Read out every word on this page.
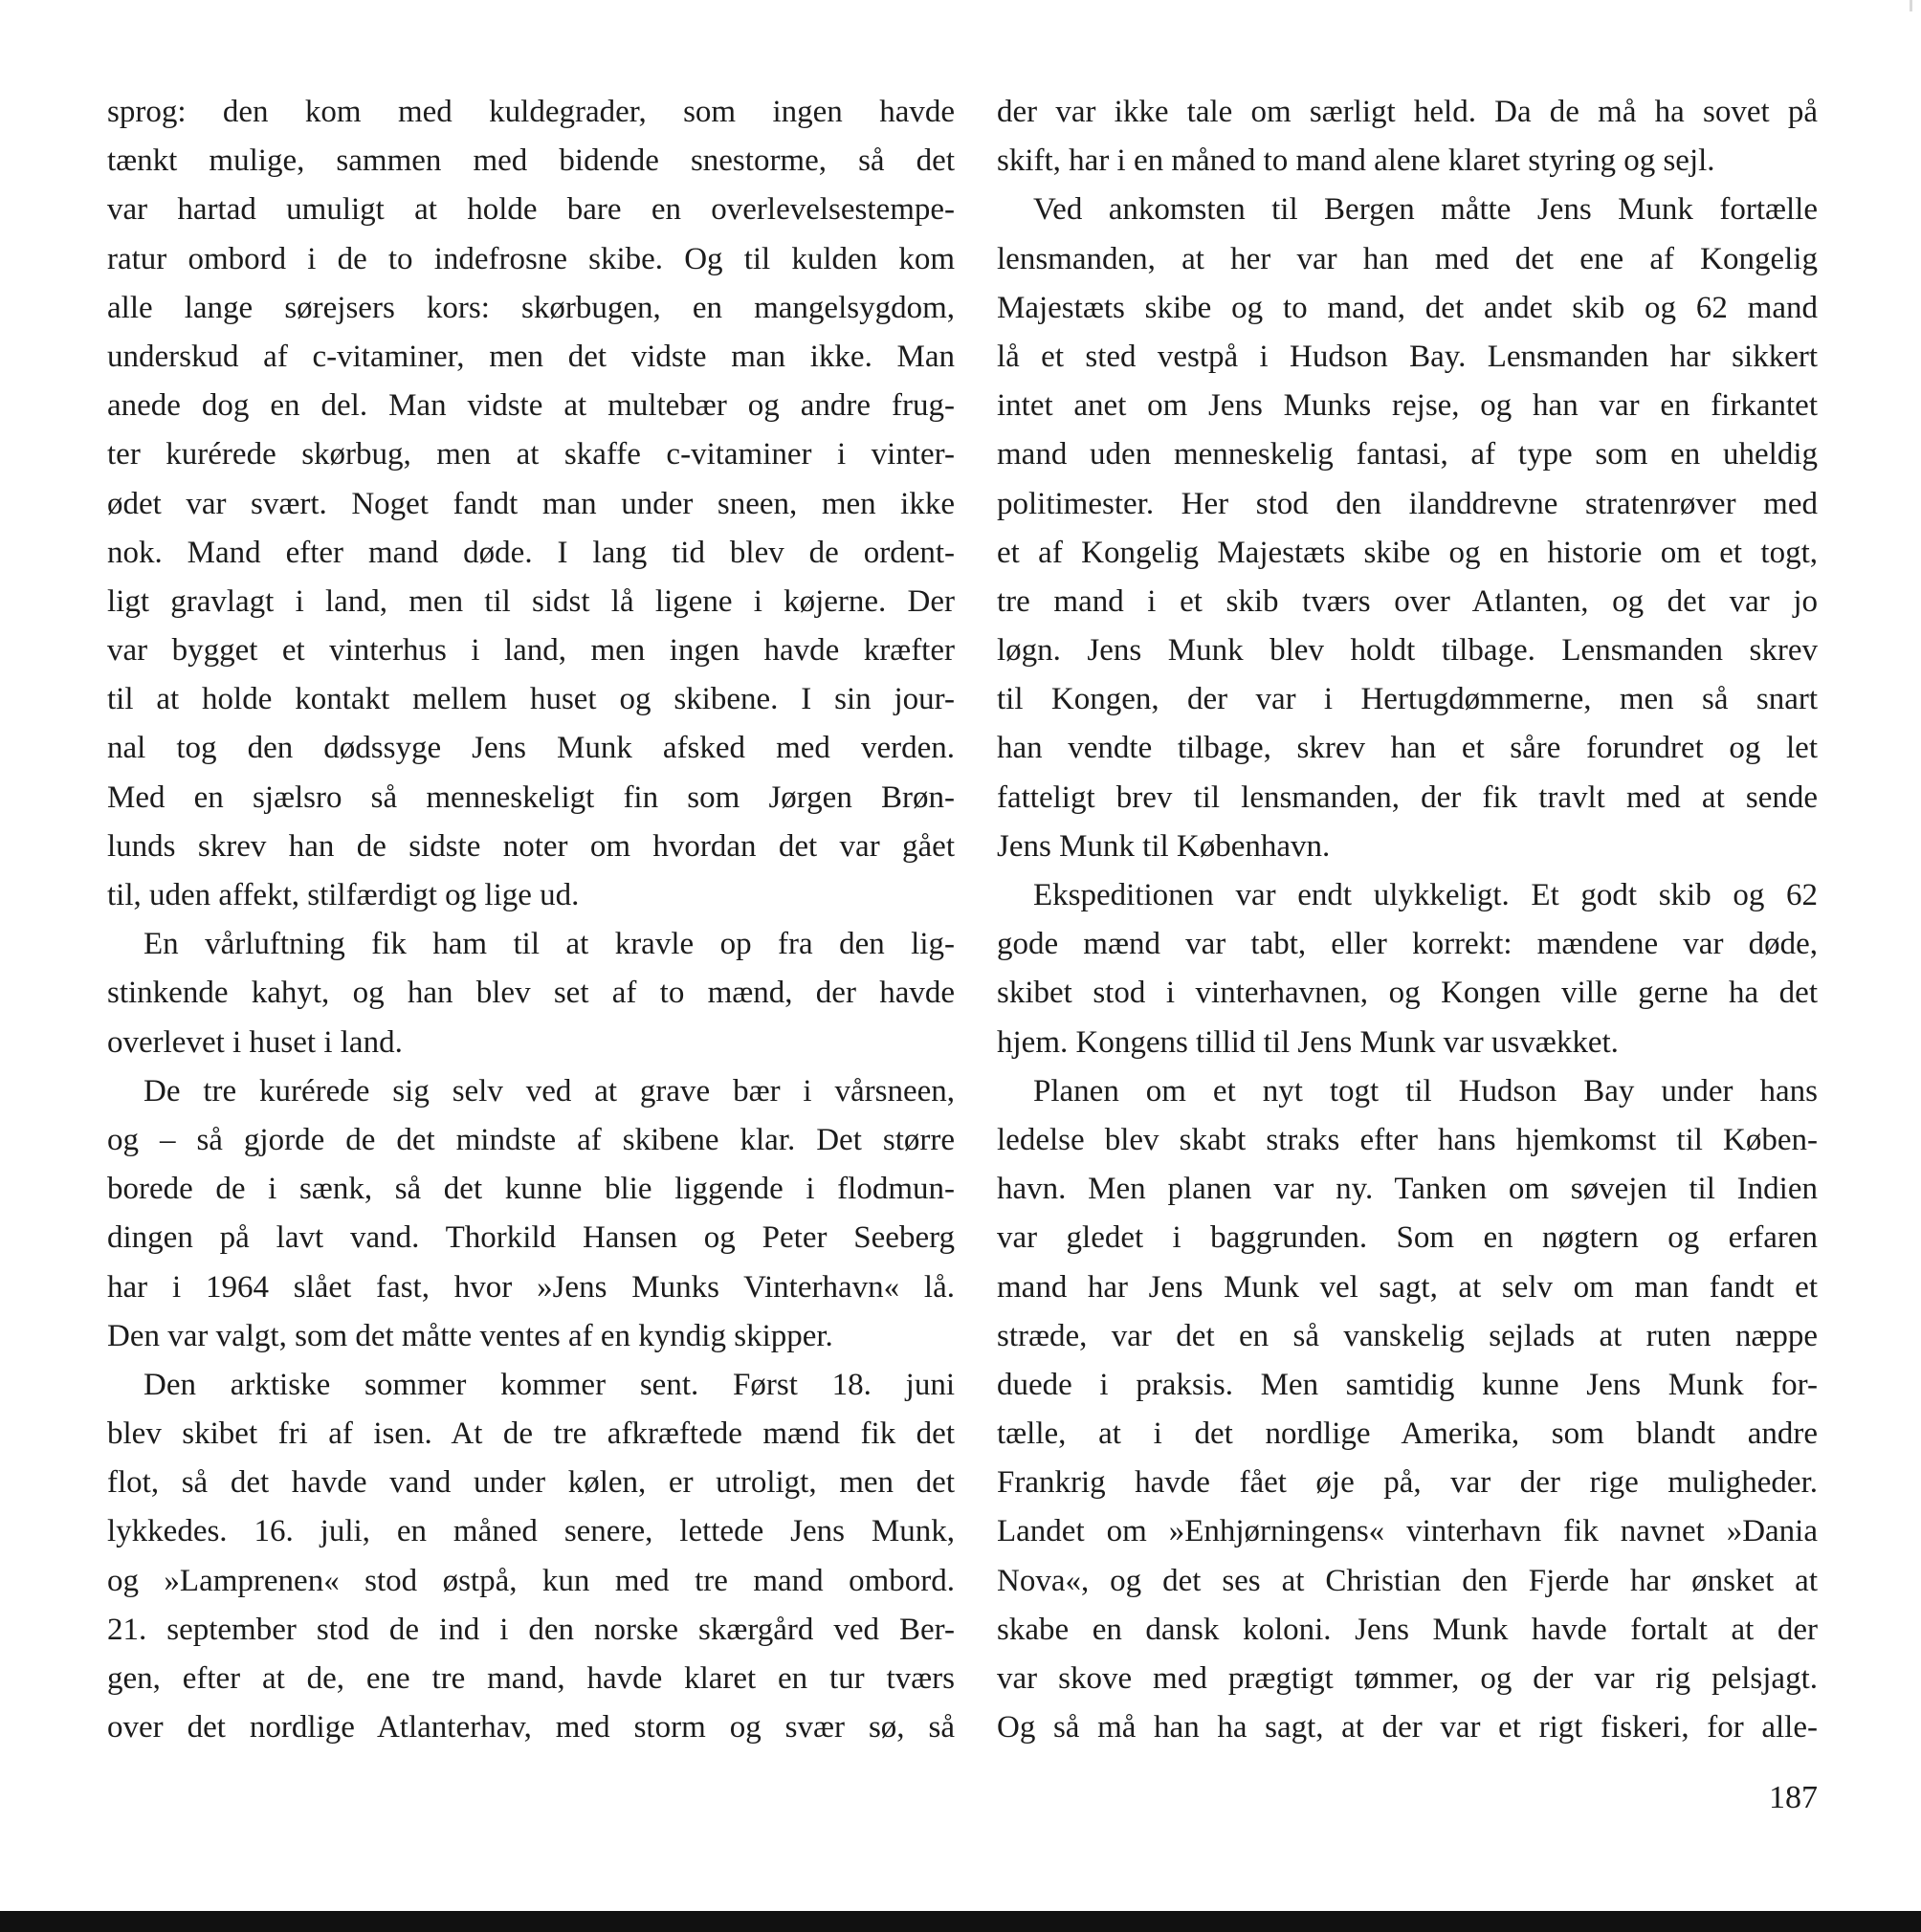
sprog: den kom med kuldegrader, som ingen havde
tænkt mulige, sammen med bidende snestorme, så det
var hartad umuligt at holde bare en overlevelsestempe-
ratur ombord i de to indefrosne skibe. Og til kulden kom
alle lange sørejsers kors: skørbugen, en mangelsygdom,
underskud af c-vitaminer, men det vidste man ikke. Man
anede dog en del. Man vidste at multebær og andre frug-
ter kurérede skørbug, men at skaffe c-vitaminer i vinter-
ødet var svært. Noget fandt man under sneen, men ikke
nok. Mand efter mand døde. I lang tid blev de ordent-
ligt gravlagt i land, men til sidst lå ligene i køjerne. Der
var bygget et vinterhus i land, men ingen havde kræfter
til at holde kontakt mellem huset og skibene. I sin jour-
nal tog den dødssyge Jens Munk afsked med verden.
Med en sjælsro så menneskeligt fin som Jørgen Brøn-
lunds skrev han de sidste noter om hvordan det var gået
til, uden affekt, stilfærdigt og lige ud.
En vårluftning fik ham til at kravle op fra den lig-
stinkende kahyt, og han blev set af to mænd, der havde
overlevet i huset i land.
De tre kurérede sig selv ved at grave bær i vårsneen,
og – så gjorde de det mindste af skibene klar. Det større
borede de i sænk, så det kunne blie liggende i flodmun-
dingen på lavt vand. Thorkild Hansen og Peter Seeberg
har i 1964 slået fast, hvor »Jens Munks Vinterhavn« lå.
Den var valgt, som det måtte ventes af en kyndig skipper.
Den arktiske sommer kommer sent. Først 18. juni
blev skibet fri af isen. At de tre afkræftede mænd fik det
flot, så det havde vand under kølen, er utroligt, men det
lykkedes. 16. juli, en måned senere, lettede Jens Munk,
og »Lamprenen« stod østpå, kun med tre mand ombord.
21. september stod de ind i den norske skærgård ved Ber-
gen, efter at de, ene tre mand, havde klaret en tur tværs
over det nordlige Atlanterhav, med storm og svær sø, så
der var ikke tale om særligt held. Da de må ha sovet på
skift, har i en måned to mand alene klaret styring og sejl.
Ved ankomsten til Bergen måtte Jens Munk fortælle
lensmanden, at her var han med det ene af Kongelig
Majestæts skibe og to mand, det andet skib og 62 mand
lå et sted vestpå i Hudson Bay. Lensmanden har sikkert
intet anet om Jens Munks rejse, og han var en firkantet
mand uden menneskelig fantasi, af type som en uheldig
politimester. Her stod den ilanddrevne stratenrøver med
et af Kongelig Majestæts skibe og en historie om et togt,
tre mand i et skib tværs over Atlanten, og det var jo
løgn. Jens Munk blev holdt tilbage. Lensmanden skrev
til Kongen, der var i Hertugdømmerne, men så snart
han vendte tilbage, skrev han et såre forundret og let
fatteligt brev til lensmanden, der fik travlt med at sende
Jens Munk til København.
Ekspeditionen var endt ulykkeligt. Et godt skib og 62
gode mænd var tabt, eller korrekt: mændene var døde,
skibet stod i vinterhavnen, og Kongen ville gerne ha det
hjem. Kongens tillid til Jens Munk var usvækket.
Planen om et nyt togt til Hudson Bay under hans
ledelse blev skabt straks efter hans hjemkomst til Køben-
havn. Men planen var ny. Tanken om søvejen til Indien
var gledet i baggrunden. Som en nøgtern og erfaren
mand har Jens Munk vel sagt, at selv om man fandt et
stræde, var det en så vanskelig sejlads at ruten næppe
duede i praksis. Men samtidig kunne Jens Munk for-
tælle, at i det nordlige Amerika, som blandt andre
Frankrig havde fået øje på, var der rige muligheder.
Landet om »Enhjørningens« vinterhavn fik navnet »Dania
Nova«, og det ses at Christian den Fjerde har ønsket at
skabe en dansk koloni. Jens Munk havde fortalt at der
var skove med prægtigt tømmer, og der var rig pelsjagt.
Og så må han ha sagt, at der var et rigt fiskeri, for alle-
187
